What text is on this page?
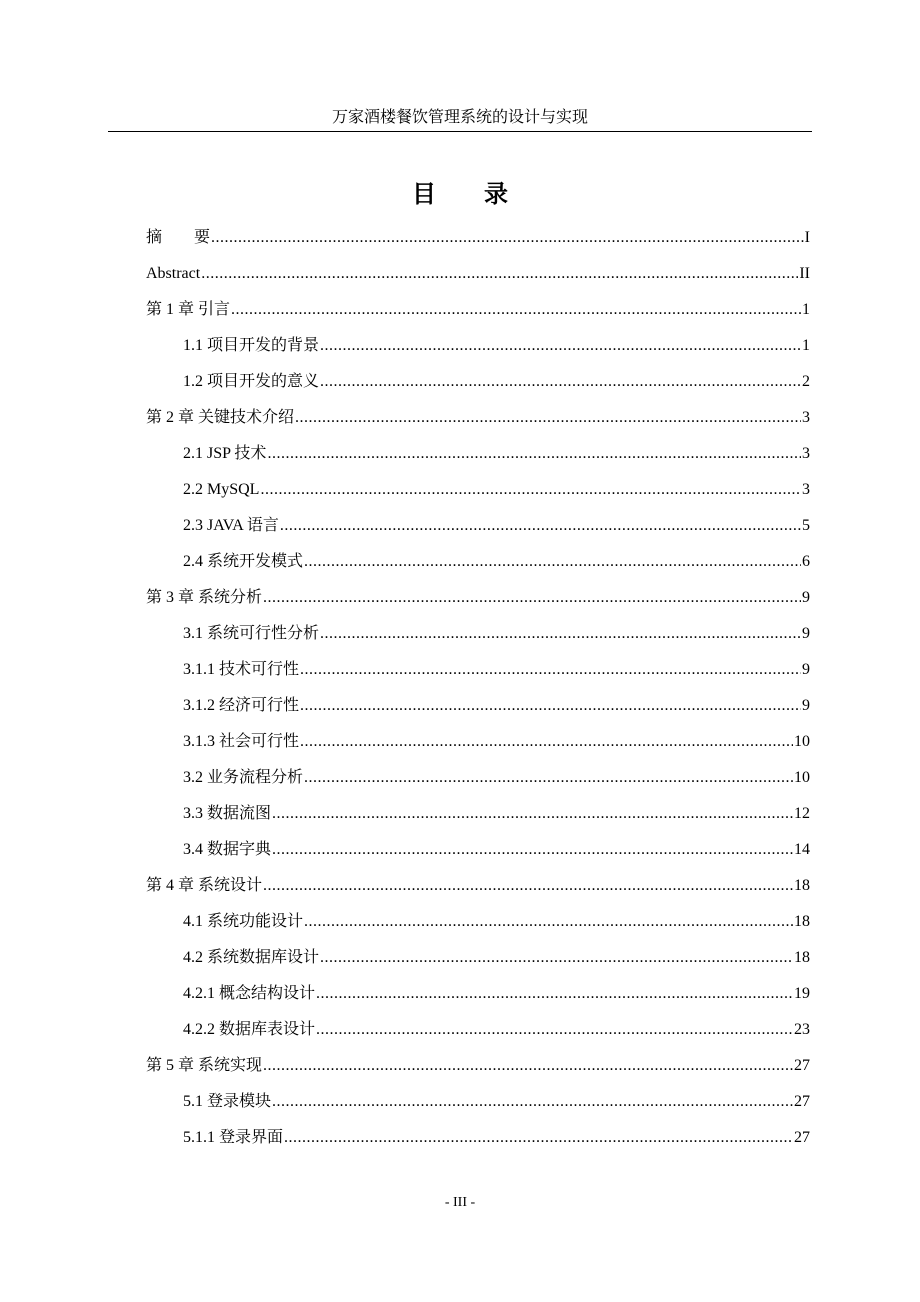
万家酒楼餐饮管理系统的设计与实现
目 录
摘　　要 .....	I
Abstract .....	II
第 1 章 引言 .....	1
1.1 项目开发的背景 .....	1
1.2 项目开发的意义 .....	2
第 2 章 关键技术介绍 .....	3
2.1 JSP 技术 .....	3
2.2 MySQL .....	3
2.3 JAVA 语言 .....	5
2.4 系统开发模式 .....	6
第 3 章 系统分析 .....	9
3.1 系统可行性分析 .....	9
3.1.1 技术可行性 .....	9
3.1.2 经济可行性 .....	9
3.1.3 社会可行性 .....	10
3.2 业务流程分析 .....	10
3.3 数据流图 .....	12
3.4 数据字典 .....	14
第 4 章 系统设计 .....	18
4.1 系统功能设计 .....	18
4.2 系统数据库设计 .....	18
4.2.1 概念结构设计 .....	19
4.2.2 数据库表设计 .....	23
第 5 章 系统实现 .....	27
5.1 登录模块 .....	27
5.1.1 登录界面 .....	27
- III -
